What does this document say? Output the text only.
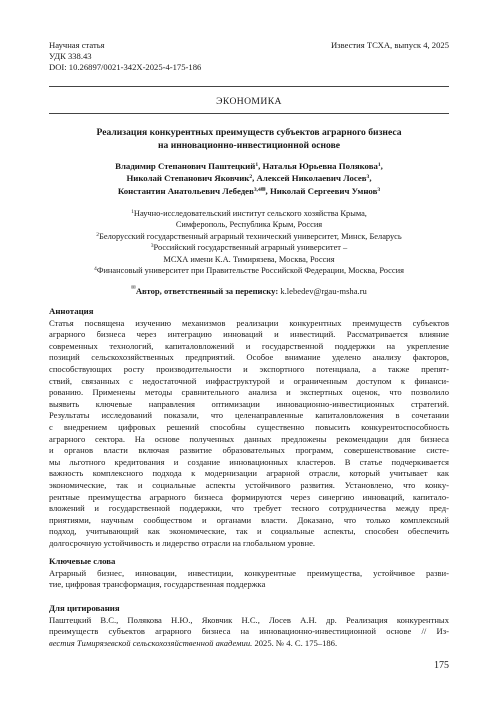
Научная статья
УДК 338.43
DOI: 10.26897/0021-342X-2025-4-175-186
Известия ТСХА, выпуск 4, 2025
ЭКОНОМИКА
Реализация конкурентных преимуществ субъектов аграрного бизнеса
на инновационно-инвестиционной основе
Владимир Степанович Паштецкий$^1$, Наталья Юрьевна Полякова$^1$,
Николай Степанович Яковчик$^2$, Алексей Николаевич Лосев$^3$,
Константин Анатольевич Лебедев$^{3,4✉}$, Николай Сергеевич Умнов$^3$
$^1$Научно-исследовательский институт сельского хозяйства Крыма,
Симферополь, Республика Крым, Россия
$^2$Белорусский государственный аграрный технический университет, Минск, Беларусь
$^3$Российский государственный аграрный университет –
МСХА имени К.А. Тимирязева, Москва, Россия
$^4$Финансовый университет при Правительстве Российской Федерации, Москва, Россия
✉Автор, ответственный за переписку: k.lebedev@rgau-msha.ru
Аннотация
Статья посвящена изучению механизмов реализации конкурентных преимуществ субъектов
аграрного бизнеса через интеграцию инноваций и инвестиций. Рассматривается влияние
современных технологий, капиталовложений и государственной поддержки на укрепление
позиций сельскохозяйственных предприятий. Особое внимание уделено анализу факторов,
способствующих росту производительности и экспортного потенциала, а также препят-
ствий, связанных с недостаточной инфраструктурой и ограниченным доступом к финанси-
рованию. Применены методы сравнительного анализа и экспертных оценок, что позволило
выявить ключевые направления оптимизации инновационно-инвестиционных стратегий.
Результаты исследований показали, что целенаправленные капиталовложения в сочетании
с внедрением цифровых решений способны существенно повысить конкурентоспособность
аграрного сектора. На основе полученных данных предложены рекомендации для бизнеса
и органов власти включая развитие образовательных программ, совершенствование систе-
мы льготного кредитования и создание инновационных кластеров. В статье подчеркивается
важность комплексного подхода к модернизации аграрной отрасли, который учитывает как
экономические, так и социальные аспекты устойчивого развития. Установлено, что конку-
рентные преимущества аграрного бизнеса формируются через синергию инноваций, капитало-
вложений и государственной поддержки, что требует тесного сотрудничества между пред-
приятиями, научным сообществом и органами власти. Доказано, что только комплексный
подход, учитывающий как экономические, так и социальные аспекты, способен обеспечить
долгосрочную устойчивость и лидерство отрасли на глобальном уровне.
Ключевые слова
Аграрный бизнес, инновации, инвестиции, конкурентные преимущества, устойчивое разви-
тие, цифровая трансформация, государственная поддержка
Для цитирования
Паштецкий В.С., Полякова Н.Ю., Яковчик Н.С., Лосев А.Н. др. Реализация конкурентных
преимуществ субъектов аграрного бизнеса на инновационно-инвестиционной основе // Из-
вестия Тимирязевской сельскохозяйственной академии. 2025. № 4. С. 175–186.
175
